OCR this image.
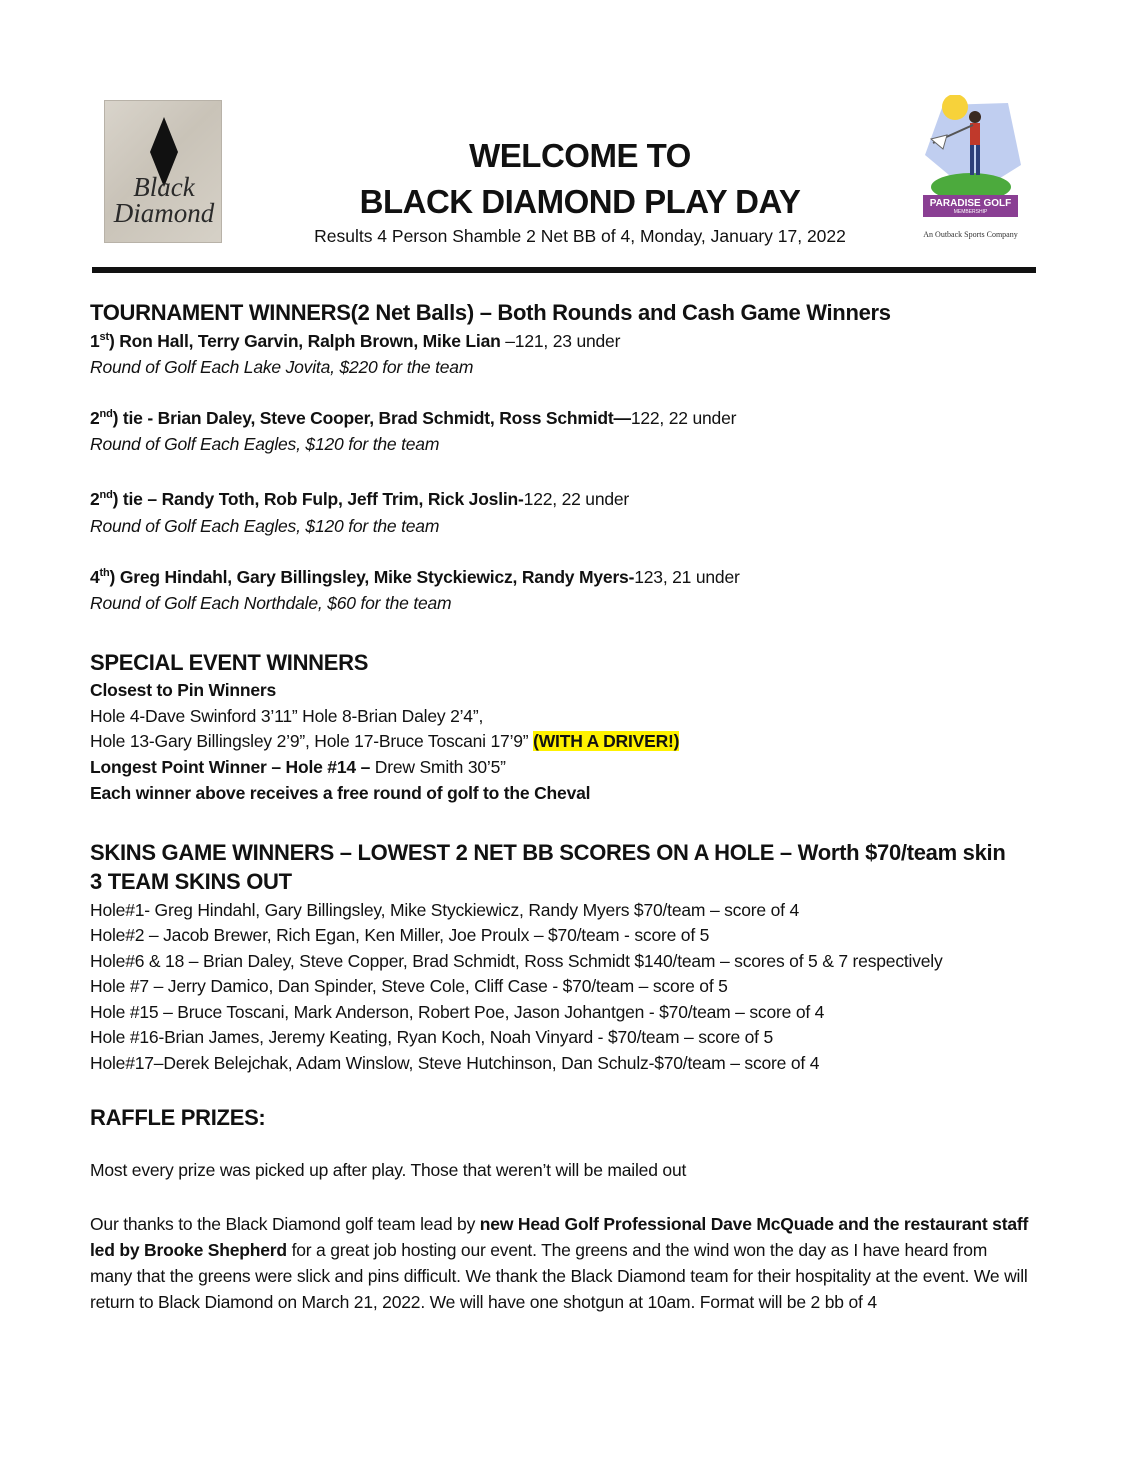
Black
Diamond
WELCOME TO
BLACK DIAMOND PLAY DAY
Results 4 Person Shamble 2 Net BB of 4, Monday, January 17, 2022
PARADISE GOLF
MEMBERSHIP
An Outback Sports Company
TOURNAMENT WINNERS(2 Net Balls) – Both Rounds and Cash Game Winners
1st) Ron Hall, Terry Garvin, Ralph Brown, Mike Lian –121, 23 under
Round of Golf Each Lake Jovita, $220 for the team
2nd) tie - Brian Daley, Steve Cooper, Brad Schmidt, Ross Schmidt—122, 22 under
Round of Golf Each Eagles, $120 for the team
2nd) tie – Randy Toth, Rob Fulp, Jeff Trim, Rick Joslin-122, 22 under
Round of Golf Each Eagles, $120 for the team
4th) Greg Hindahl, Gary Billingsley, Mike Styckiewicz, Randy Myers-123, 21 under
Round of Golf Each Northdale, $60 for the team
SPECIAL EVENT WINNERS
Closest to Pin Winners
Hole 4-Dave Swinford 3’11” Hole 8-Brian Daley 2’4”,
Hole 13-Gary Billingsley 2’9”, Hole 17-Bruce Toscani 17’9” (WITH A DRIVER!)
Longest Point Winner – Hole #14 – Drew Smith 30’5”
Each winner above receives a free round of golf to the Cheval
SKINS GAME WINNERS – LOWEST 2 NET BB SCORES ON A HOLE – Worth $70/team skin
3 TEAM SKINS OUT
Hole#1- Greg Hindahl, Gary Billingsley, Mike Styckiewicz, Randy Myers $70/team – score of 4
Hole#2 – Jacob Brewer, Rich Egan, Ken Miller, Joe Proulx – $70/team - score of 5
Hole#6 & 18 – Brian Daley, Steve Copper, Brad Schmidt, Ross Schmidt $140/team – scores of 5 & 7 respectively
Hole #7 – Jerry Damico, Dan Spinder, Steve Cole, Cliff Case - $70/team – score of 5
Hole #15 – Bruce Toscani, Mark Anderson, Robert Poe, Jason Johantgen - $70/team – score of 4
Hole #16-Brian James, Jeremy Keating, Ryan Koch, Noah Vinyard - $70/team – score of 5
Hole#17–Derek Belejchak, Adam Winslow, Steve Hutchinson, Dan Schulz-$70/team – score of 4
RAFFLE PRIZES:
Most every prize was picked up after play. Those that weren’t will be mailed out
Our thanks to the Black Diamond golf team lead by new Head Golf Professional Dave McQuade and the restaurant staff led by Brooke Shepherd for a great job hosting our event. The greens and the wind won the day as I have heard from many that the greens were slick and pins difficult. We thank the Black Diamond team for their hospitality at the event. We will return to Black Diamond on March 21, 2022. We will have one shotgun at 10am. Format will be 2 bb of 4
